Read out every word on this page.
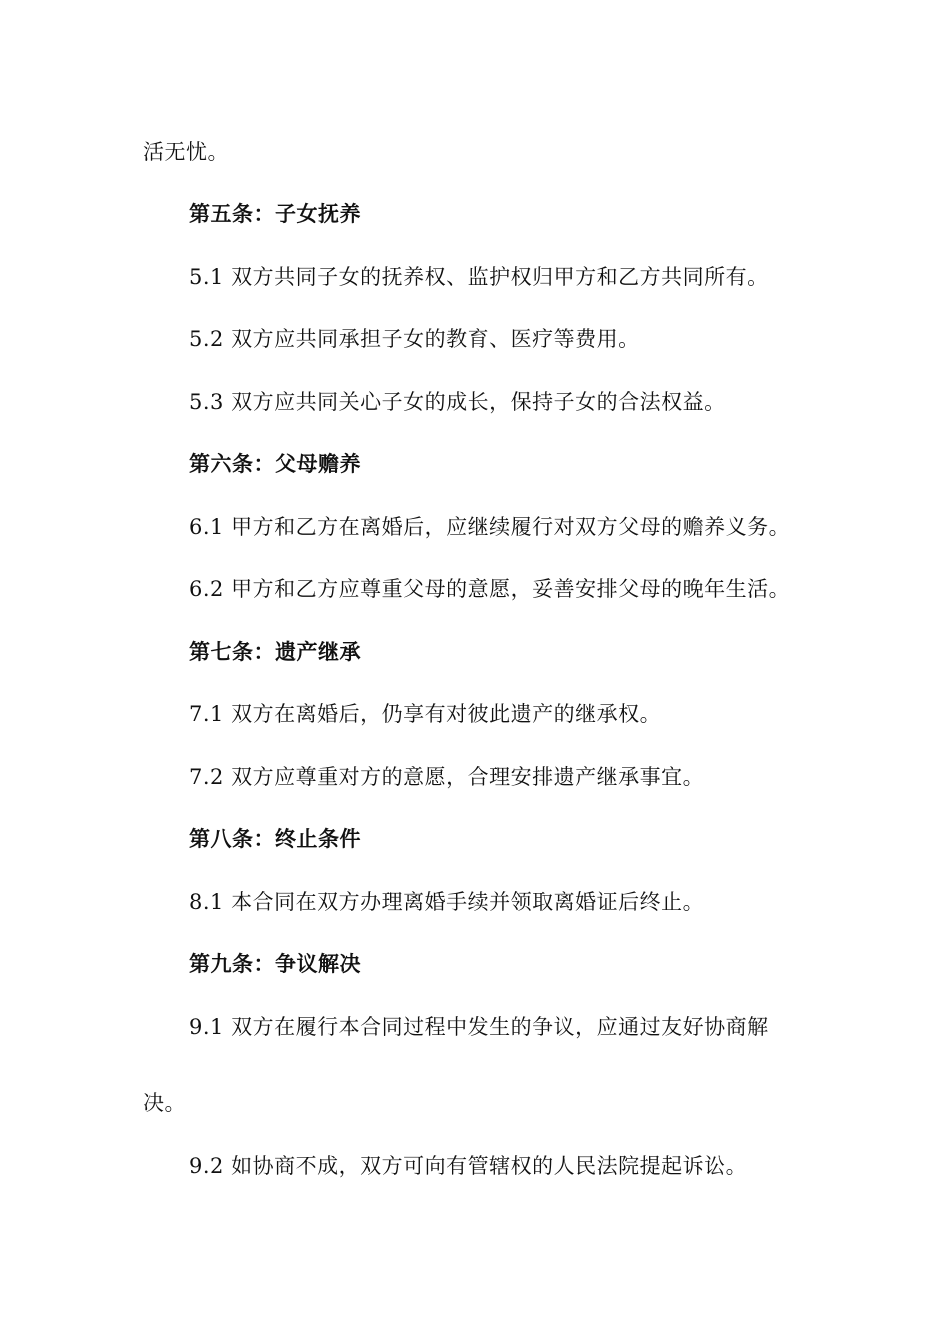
活无忧。
第五条：子女抚养
5.1 双方共同子女的抚养权、监护权归甲方和乙方共同所有。
5.2 双方应共同承担子女的教育、医疗等费用。
5.3 双方应共同关心子女的成长，保持子女的合法权益。
第六条：父母赡养
6.1 甲方和乙方在离婚后，应继续履行对双方父母的赡养义务。
6.2 甲方和乙方应尊重父母的意愿，妥善安排父母的晚年生活。
第七条：遗产继承
7.1 双方在离婚后，仍享有对彼此遗产的继承权。
7.2 双方应尊重对方的意愿，合理安排遗产继承事宜。
第八条：终止条件
8.1 本合同在双方办理离婚手续并领取离婚证后终止。
第九条：争议解决
9.1 双方在履行本合同过程中发生的争议，应通过友好协商解
决。
9.2 如协商不成，双方可向有管辖权的人民法院提起诉讼。
